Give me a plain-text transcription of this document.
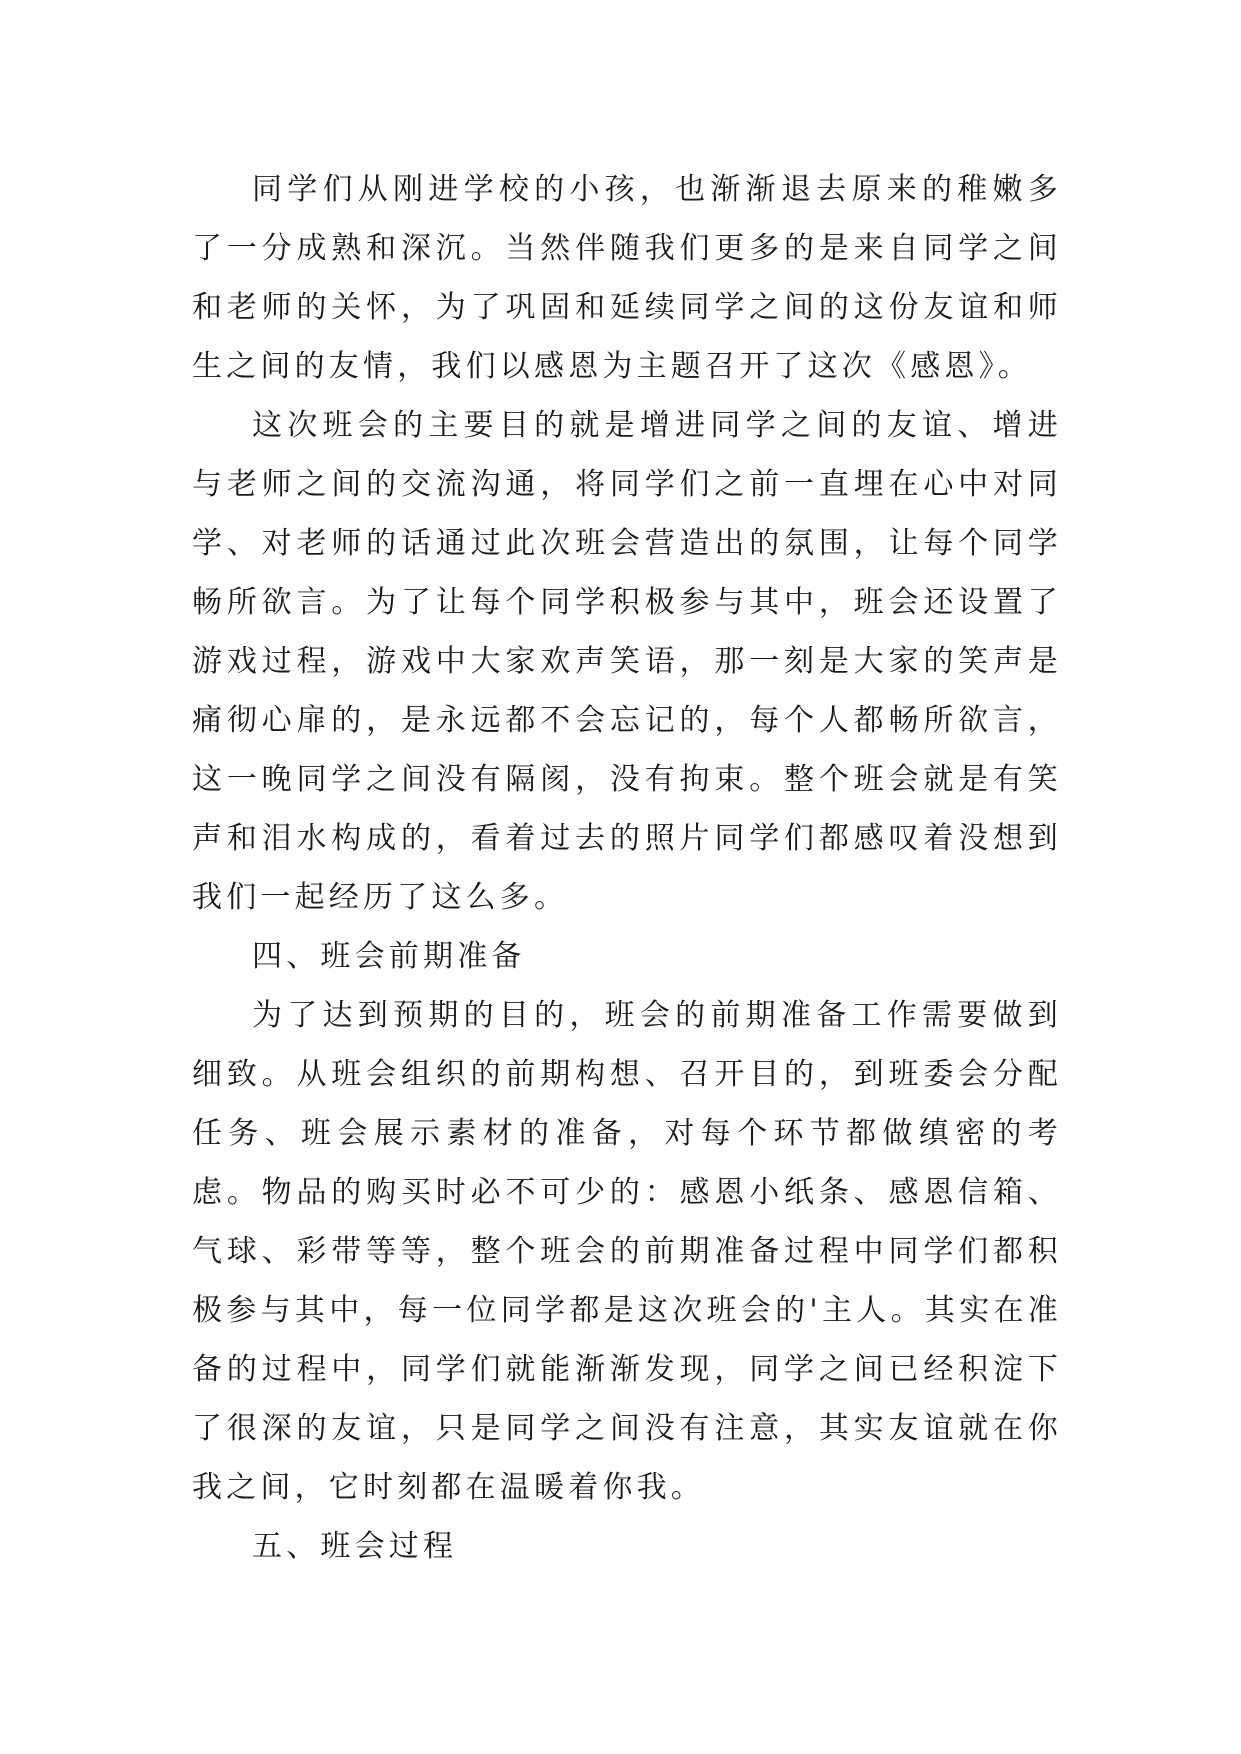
同学们从刚进学校的小孩，也渐渐退去原来的稚嫩多了一分成熟和深沉。当然伴随我们更多的是来自同学之间和老师的关怀，为了巩固和延续同学之间的这份友谊和师生之间的友情，我们以感恩为主题召开了这次《感恩》。

这次班会的主要目的就是增进同学之间的友谊、增进与老师之间的交流沟通，将同学们之前一直埋在心中对同学、对老师的话通过此次班会营造出的氛围，让每个同学畅所欲言。为了让每个同学积极参与其中，班会还设置了游戏过程，游戏中大家欢声笑语，那一刻是大家的笑声是痛彻心扉的，是永远都不会忘记的，每个人都畅所欲言，这一晚同学之间没有隔阂，没有拘束。整个班会就是有笑声和泪水构成的，看着过去的照片同学们都感叹着没想到我们一起经历了这么多。

四、班会前期准备

为了达到预期的目的，班会的前期准备工作需要做到细致。从班会组织的前期构想、召开目的，到班委会分配任务、班会展示素材的准备，对每个环节都做缜密的考虑。物品的购买时必不可少的：感恩小纸条、感恩信箱、气球、彩带等等，整个班会的前期准备过程中同学们都积极参与其中，每一位同学都是这次班会的'主人。其实在准备的过程中，同学们就能渐渐发现，同学之间已经积淀下了很深的友谊，只是同学之间没有注意，其实友谊就在你我之间，它时刻都在温暖着你我。

五、班会过程
